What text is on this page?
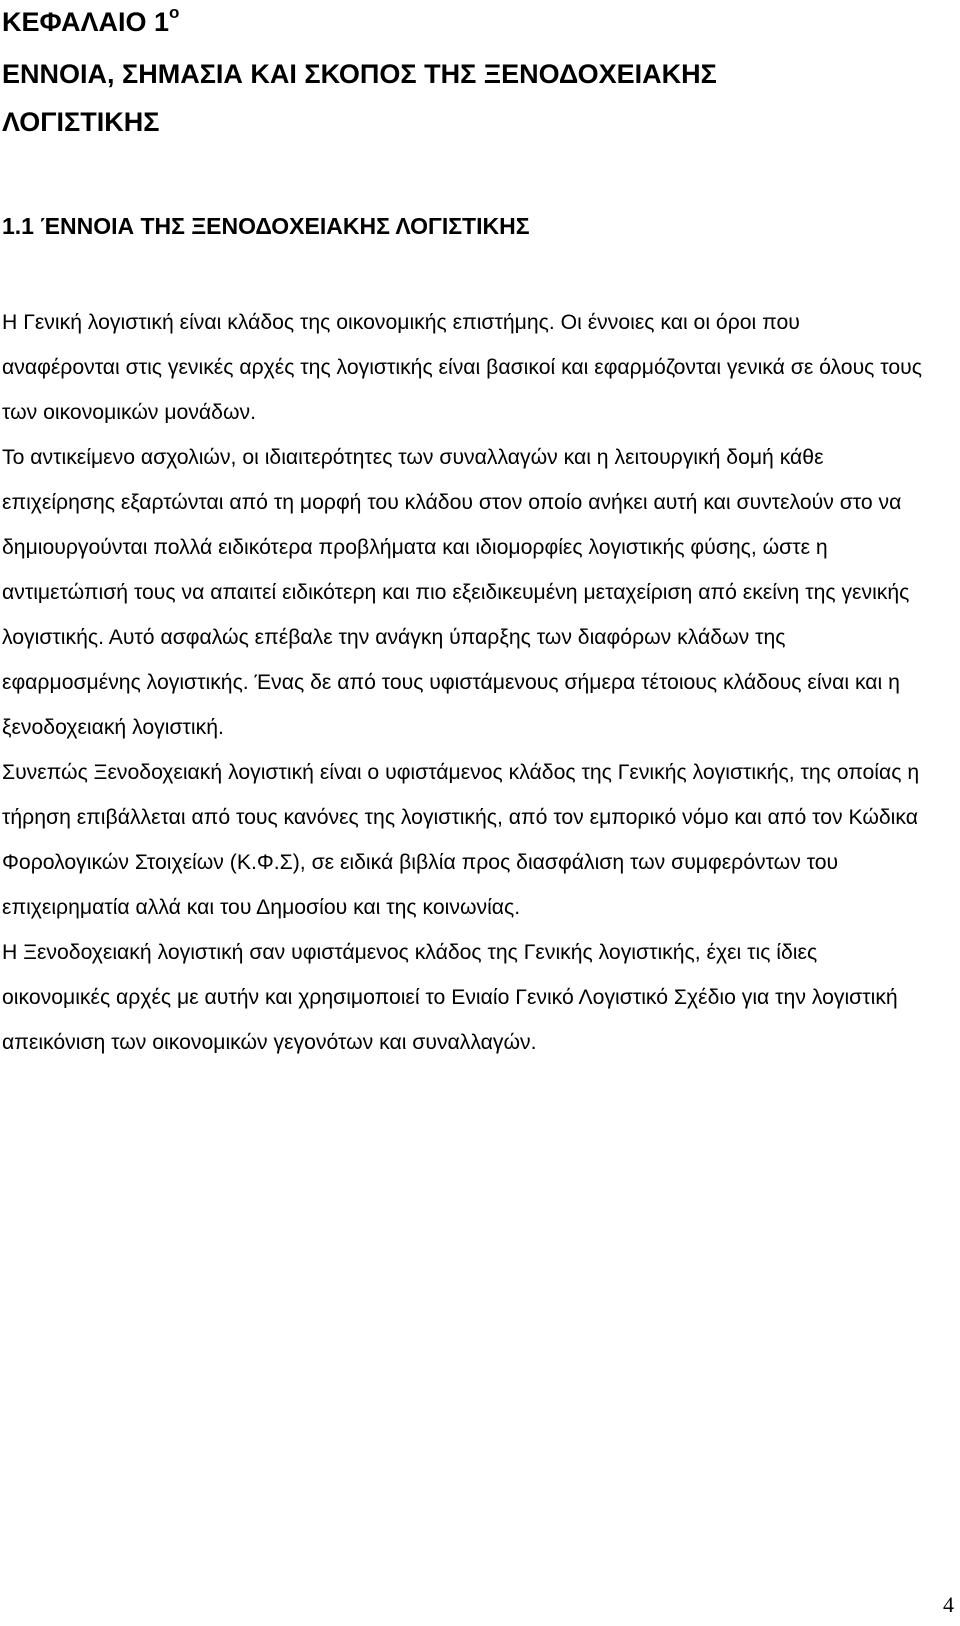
ΚΕΦΑΛΑΙΟ $1^o$
ΕΝΝΟΙΑ, ΣΗΜΑΣΙΑ ΚΑΙ ΣΚΟΠΟΣ ΤΗΣ ΞΕΝΟΔΟΧΕΙΑΚΗΣ
ΛΟΓΙΣΤΙΚΗΣ
1.1 ΈΝΝΟΙΑ ΤΗΣ ΞΕΝΟΔΟΧΕΙΑΚΗΣ ΛΟΓΙΣΤΙΚΗΣ

Η Γενική λογιστική είναι κλάδος της οικονομικής επιστήμης. Οι έννοιες και οι όροι που αναφέρονται στις γενικές αρχές της λογιστικής είναι βασικοί και εφαρμόζονται γενικά σε όλους τους των οικονομικών μονάδων.

Το αντικείμενο ασχολιών, οι ιδιαιτερότητες των συναλλαγών και η λειτουργική δομή κάθε επιχείρησης εξαρτώνται από τη μορφή του κλάδου στον οποίο ανήκει αυτή και συντελούν στο να δημιουργούνται πολλά ειδικότερα προβλήματα και ιδιομορφίες λογιστικής φύσης, ώστε η αντιμετώπισή τους να απαιτεί ειδικότερη και πιο εξειδικευμένη μεταχείριση από εκείνη της γενικής λογιστικής. Αυτό ασφαλώς επέβαλε την ανάγκη ύπαρξης των διαφόρων κλάδων της εφαρμοσμένης λογιστικής. Ένας δε από τους υφιστάμενους σήμερα τέτοιους κλάδους είναι και η ξενοδοχειακή λογιστική.

Συνεπώς Ξενοδοχειακή λογιστική είναι ο υφιστάμενος κλάδος της Γενικής λογιστικής, της οποίας η τήρηση επιβάλλεται από τους κανόνες της λογιστικής, από τον εμπορικό νόμο και από τον Κώδικα Φορολογικών Στοιχείων (Κ.Φ.Σ), σε ειδικά βιβλία προς διασφάλιση των συμφερόντων του επιχειρηματία αλλά και του Δημοσίου και της κοινωνίας.

Η Ξενοδοχειακή λογιστική σαν υφιστάμενος κλάδος της Γενικής λογιστικής, έχει τις ίδιες οικονομικές αρχές με αυτήν και χρησιμοποιεί το Ενιαίο Γενικό Λογιστικό Σχέδιο για την λογιστική απεικόνιση των οικονομικών γεγονότων και συναλλαγών.

4
